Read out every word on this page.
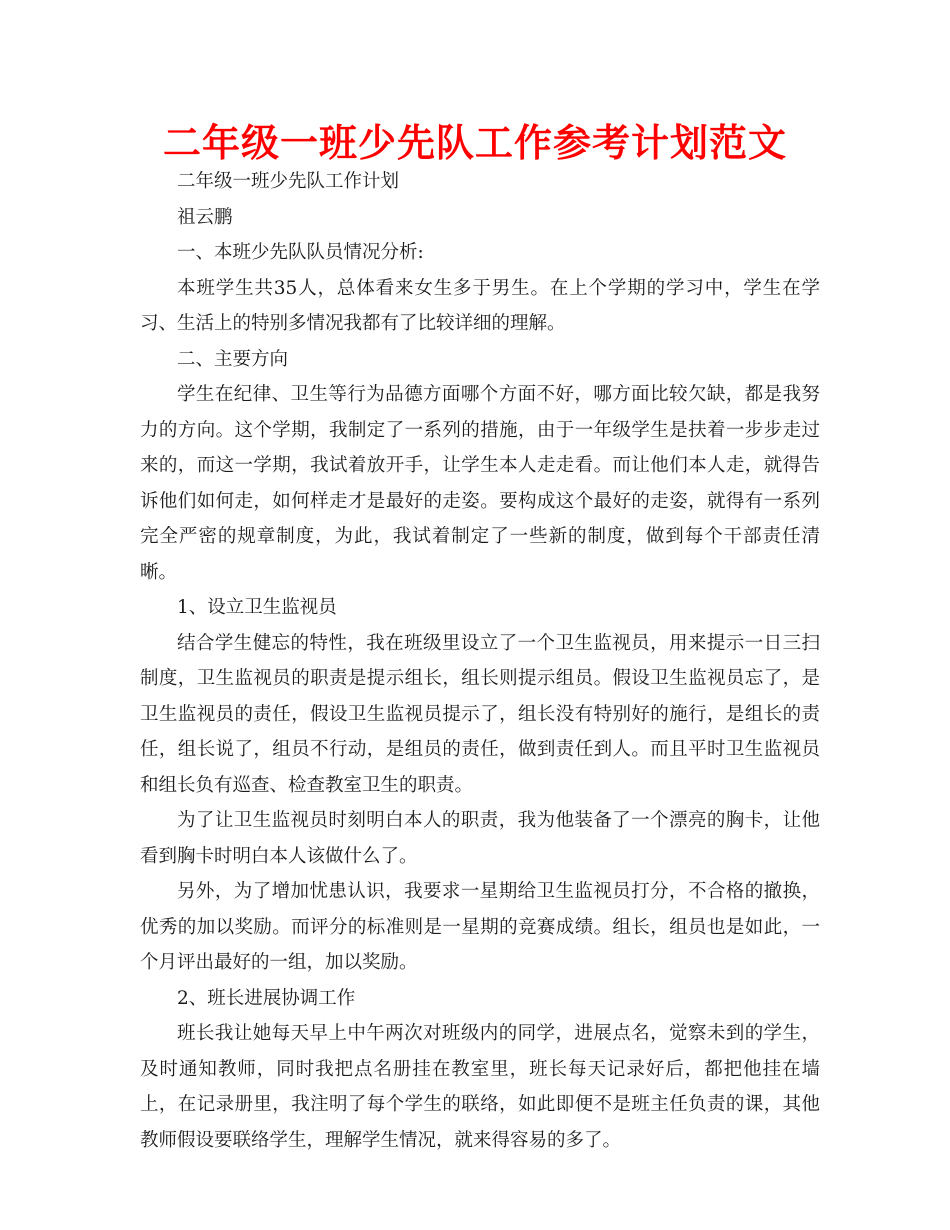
二年级一班少先队工作参考计划范文

二年级一班少先队工作计划

祖云鹏

一、本班少先队队员情况分析:

本班学生共35人，总体看来女生多于男生。在上个学期的学习中，学生在学习、生活上的特别多情况我都有了比较详细的理解。

二、主要方向

学生在纪律、卫生等行为品德方面哪个方面不好，哪方面比较欠缺，都是我努力的方向。这个学期，我制定了一系列的措施，由于一年级学生是扶着一步步走过来的，而这一学期，我试着放开手，让学生本人走走看。而让他们本人走，就得告诉他们如何走，如何样走才是最好的走姿。要构成这个最好的走姿，就得有一系列完全严密的规章制度，为此，我试着制定了一些新的制度，做到每个干部责任清晰。

1、设立卫生监视员

结合学生健忘的特性，我在班级里设立了一个卫生监视员，用来提示一日三扫制度，卫生监视员的职责是提示组长，组长则提示组员。假设卫生监视员忘了，是卫生监视员的责任，假设卫生监视员提示了，组长没有特别好的施行，是组长的责任，组长说了，组员不行动，是组员的责任，做到责任到人。而且平时卫生监视员和组长负有巡查、检查教室卫生的职责。

为了让卫生监视员时刻明白本人的职责，我为他装备了一个漂亮的胸卡，让他看到胸卡时明白本人该做什么了。

另外，为了增加忧患认识，我要求一星期给卫生监视员打分，不合格的撤换，优秀的加以奖励。而评分的标准则是一星期的竞赛成绩。组长，组员也是如此，一个月评出最好的一组，加以奖励。

2、班长进展协调工作

班长我让她每天早上中午两次对班级内的同学，进展点名，觉察未到的学生，及时通知教师，同时我把点名册挂在教室里，班长每天记录好后，都把他挂在墙上，在记录册里，我注明了每个学生的联络，如此即便不是班主任负责的课，其他教师假设要联络学生，理解学生情况，就来得容易的多了。
